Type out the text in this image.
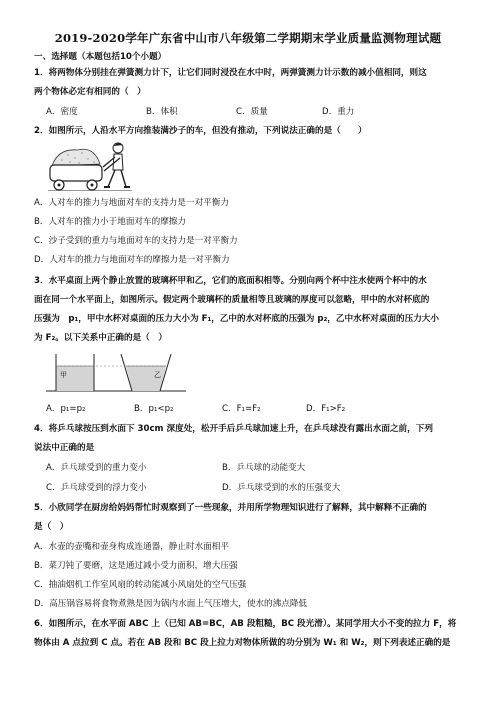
2019-2020学年广东省中山市八年级第二学期期末学业质量监测物理试题
一、选择题（本题包括10个小题）
1．将两物体分别挂在弹簧测力计下，让它们同时浸没在水中时，两弹簧测力计示数的减小值相同，则这
两个物体必定有相同的（　）
A．密度	B．体积	C．质量	D．重力
2．如图所示，人沿水平方向推装满沙子的车，但没有推动，下列说法正确的是（　　）
A．人对车的推力与地面对车的支持力是一对平衡力
B．人对车的推力小于地面对车的摩擦力
C．沙子受到的重力与地面对车的支持力是一对平衡力
D．人对车的推力与地面对车的摩擦力是一对平衡力
3．水平桌面上两个静止放置的玻璃杯甲和乙，它们的底面积相等。分别向两个杯中注水使两个杯中的水
面在同一个水平面上，如图所示。假定两个玻璃杯的质量相等且玻璃的厚度可以忽略，甲中的水对杯底的
压强为　p₁，甲中水杯对桌面的压力大小为 F₁，乙中的水对杯底的压强为 p₂，乙中水杯对桌面的压力大小
为 F₂。以下关系中正确的是（　）
甲	乙
A．p₁=p₂	B．p₁<p₂	C．F₁=F₂	D．F₁>F₂
4．将乒乓球按压到水面下 30cm 深度处，松开手后乒乓球加速上升，在乒乓球没有露出水面之前，下列
说法中正确的是
A．乒乓球受到的重力变小	B．乒乓球的动能变大
C．乒乓球受到的浮力变小	D．乒乓球受到的水的压强变大
5．小欣同学在厨房给妈妈帮忙时观察到了一些现象，并用所学物理知识进行了解释，其中解释不正确的
是（　）
A．水壶的壶嘴和壶身构成连通器，静止时水面相平
B．菜刀钝了要磨，这是通过减小受力面积，增大压强
C．抽油烟机工作室风扇的转动能减小风扇处的空气压强
D．高压锅容易将食物煮熟是因为锅内水面上气压增大，使水的沸点降低
6．如图所示，在水平面 ABC 上（已知 AB=BC，AB 段粗糙，BC 段光滑）。某同学用大小不变的拉力 F，将
物体由 A 点拉到 C 点。若在 AB 段和 BC 段上拉力对物体所做的功分别为 W₁ 和 W₂，则下列表述正确的是
